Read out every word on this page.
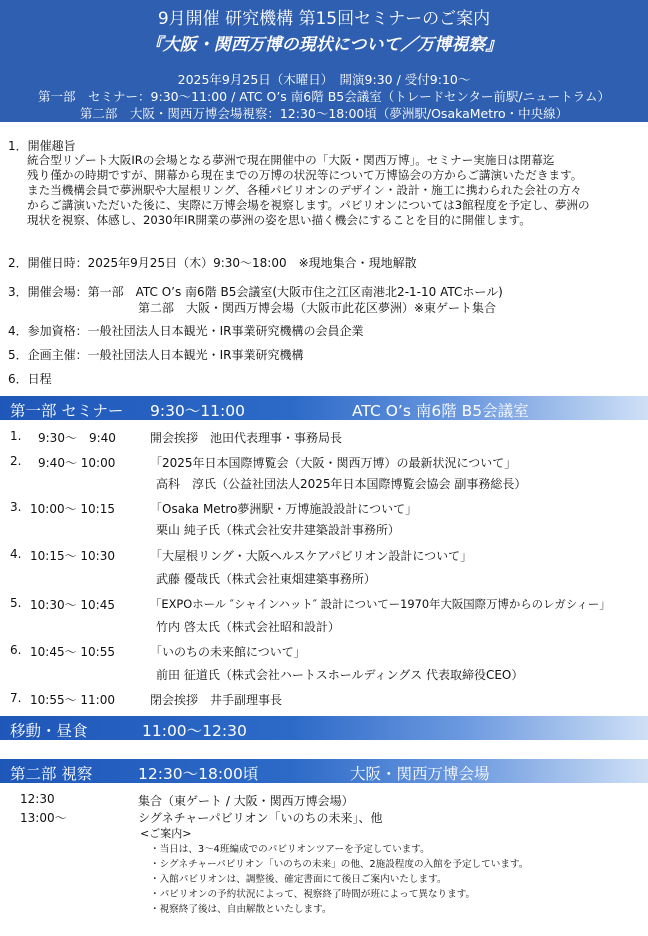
9月開催 研究機構 第15回セミナーのご案内
『大阪・関西万博の現状について／万博視察』
2025年9月25日（木曜日）　開演9:30 / 受付9:10～
第一部　セミナー：9:30～11:00 / ATC O’s 南6階 B5会議室（トレードセンター前駅/ニュートラム）
第二部　大阪・関西万博会場視察：12:30～18:00頃（夢洲駅/OsakaMetro・中央線）
1．開催趣旨
統合型リゾート大阪IRの会場となる夢洲で現在開催中の「大阪・関西万博」。セミナー実施日は閉幕迄
残り僅かの時期ですが、開幕から現在までの万博の状況等について万博協会の方からご講演いただきます。
また当機構会員で夢洲駅や大屋根リング、各種パビリオンのデザイン・設計・施工に携わられた会社の方々
からご講演いただいた後に、実際に万博会場を視察します。パビリオンについては3館程度を予定し、夢洲の
現状を視察、体感し、2030年IR開業の夢洲の姿を思い描く機会にすることを目的に開催します。
2．開催日時：2025年9月25日（木）9:30～18:00　※現地集合・現地解散
3．開催会場：第一部　ATC O’s 南6階 B5会議室(大阪市住之江区南港北2-1-10 ATCホール)
第二部　大阪・関西万博会場（大阪市此花区夢洲）※東ゲート集合
4．参加資格：一般社団法人日本観光・IR事業研究機構の会員企業
5．企画主催：一般社団法人日本観光・IR事業研究機構
6．日程
第一部 セミナー 9:30～11:00	ATC O’s 南6階 B5会議室
1. 9:30～　9:40	開会挨拶　池田代表理事・事務局長
2. 9:40～ 10:00	「2025年日本国際博覧会（大阪・関西万博）の最新状況について」
高科　淳氏（公益社団法人2025年日本国際博覧会協会 副事務総長）
3. 10:00～ 10:15	「Osaka Metro夢洲駅・万博施設設計について」
栗山 純子氏（株式会社安井建築設計事務所）
4. 10:15～ 10:30	「大屋根リング・大阪ヘルスケアパビリオン設計について」
武藤 優哉氏（株式会社東畑建築事務所）
5. 10:30～ 10:45	「EXPOホール ″シャインハット″ 設計についてー1970年大阪国際万博からのレガシィー」
竹内 啓太氏（株式会社昭和設計）
6. 10:45～ 10:55	「いのちの未来館について」
前田 征道氏（株式会社ハートスホールディングス 代表取締役CEO）
7. 10:55～ 11:00	閉会挨拶　井手副理事長
移動・昼食	11:00～12:30
第二部 視察	12:30～18:00頃	大阪・関西万博会場
12:30	集合（東ゲート / 大阪・関西万博会場）
13:00～	シグネチャーパビリオン「いのちの未来」、他
<ご案内>
・当日は、3～4班編成でのパビリオンツアーを予定しています。
・シグネチャーパビリオン「いのちの未来」の他、2施設程度の入館を予定しています。
・入館パビリオンは、調整後、確定書面にて後日ご案内いたします。
・パビリオンの予約状況によって、視察終了時間が班によって異なります。
・視察終了後は、自由解散といたします。
